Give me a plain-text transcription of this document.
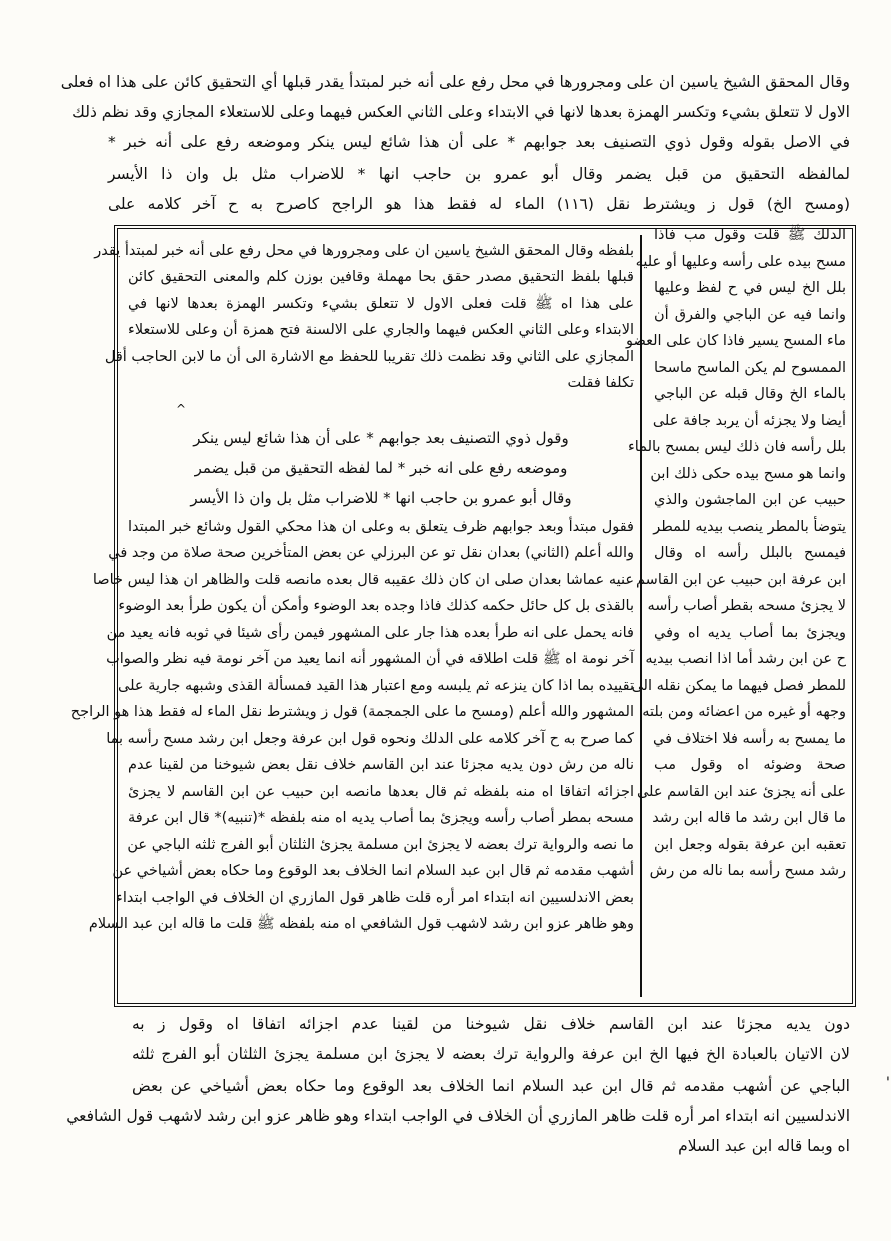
وقال المحقق الشيخ ياسين ان على ومجرورها في محل رفع على أنه خبر لمبتدأ يقدر قبلها أي التحقيق كائن على هذا اه فعلى
الاول لا تتعلق بشيء وتكسر الهمزة بعدها لانها في الابتداء وعلى الثاني العكس فيهما وعلى للاستعلاء المجازي وقد نظم ذلك
في الاصل بقوله وقول ذوي التصنيف بعد جوابهم * على أن هذا شائع ليس ينكر وموضعه رفع على أنه خبر *
لمالفظه التحقيق من قبل يضمر وقال أبو عمرو بن حاجب انها * للاضراب مثل بل وان ذا الأيسر
(ومسح الخ) قول ز ويشترط نقل (١١٦) الماء له فقط هذا هو الراجح كاصرح به ح آخر كلامه على
الدلك ﷺ قلت وقول مب فاذا
مسح بيده على رأسه وعليها أو عليه
بلل الخ ليس في ح لفظ وعليها
وانما فيه عن الباجي والفرق أن
ماء المسح يسير فاذا كان على العضو
الممسوح لم يكن الماسح ماسحا
بالماء الخ وقال قبله عن الباجي
أيضا ولا يجزئه أن يربد جافة على
بلل رأسه فان ذلك ليس بمسح بالماء
وانما هو مسح بيده حكى ذلك ابن
حبيب عن ابن الماجشون والذي
يتوضأ بالمطر ينصب بيديه للمطر
فيمسح بالبلل رأسه اه وقال
ابن عرفة ابن حبيب عن ابن القاسم
لا يجزئ مسحه بقطر أصاب رأسه
ويجزئ بما أصاب يديه اه وفي
ح عن ابن رشد أما اذا انصب بيديه
للمطر فصل فيهما ما يمكن نقله الى
وجهه أو غيره من اعضائه ومن بلته
ما يمسح به رأسه فلا اختلاف في
صحة وضوئه اه وقول مب
على أنه يجزئ عند ابن القاسم على
ما قال ابن رشد ما قاله ابن رشد
تعقبه ابن عرفة بقوله وجعل ابن
رشد مسح رأسه بما ناله من رش
بلفظه وقال المحقق الشيخ ياسين ان على ومجرورها في محل رفع على أنه خبر لمبتدأ يقدر
قبلها بلفظ التحقيق مصدر حقق بحا مهملة وقافين بوزن كلم والمعنى التحقيق كائن
على هذا اه ﷺ قلت فعلى الاول لا تتعلق بشيء وتكسر الهمزة بعدها لانها في
الابتداء وعلى الثاني العكس فيهما والجاري على الالسنة فتح همزة أن وعلى للاستعلاء
المجازي على الثاني وقد نظمت ذلك تقريبا للحفظ مع الاشارة الى أن ما لابن الحاجب أقل
تكلفا فقلت
وقول ذوي التصنيف بعد جوابهم * على أن هذا شائع ليس ينكر
وموضعه رفع على انه خبر * لما لفظه التحقيق من قبل يضمر
وقال أبو عمرو بن حاجب انها * للاضراب مثل بل وان ذا الأيسر
فقول مبتدأ وبعد جوابهم ظرف يتعلق به وعلى ان هذا محكي القول وشائع خبر المبتدا
والله أعلم (الثاني) بعدان نقل تو عن البرزلي عن بعض المتأخرين صحة صلاة من وجد في
عنيه عماشا بعدان صلى ان كان ذلك عقيبه قال بعده مانصه قلت والظاهر ان هذا ليس خاصا
بالقذى بل كل حائل حكمه كذلك فاذا وجده بعد الوضوء وأمكن أن يكون طرأ بعد الوضوء
فانه يحمل على انه طرأ بعده هذا جار على المشهور فيمن رأى شيئا في ثوبه فانه يعيد من
آخر نومة اه ﷺ قلت اطلاقه في أن المشهور أنه انما يعيد من آخر نومة فيه نظر والصواب
تقييده بما اذا كان ينزعه ثم يلبسه ومع اعتبار هذا القيد فمسألة القذى وشبهه جارية على
المشهور والله أعلم (ومسح ما على الجمجمة) قول ز ويشترط نقل الماء له فقط هذا هو الراجح
كما صرح به ح آخر كلامه على الدلك ونحوه قول ابن عرفة وجعل ابن رشد مسح رأسه بما
ناله من رش دون يديه مجزئا عند ابن القاسم خلاف نقل بعض شيوخنا من لقينا عدم
اجزائه اتفاقا اه منه بلفظه ثم قال بعدها مانصه ابن حبيب عن ابن القاسم لا يجزئ
مسحه بمطر أصاب رأسه ويجزئ بما أصاب يديه اه منه بلفظه *(تنبيه)* قال ابن عرفة
ما نصه والرواية ترك بعضه لا يجزئ ابن مسلمة يجزئ الثلثان أبو الفرج ثلثه الباجي عن
أشهب مقدمه ثم قال ابن عبد السلام انما الخلاف بعد الوقوع وما حكاه بعض أشياخي عن
بعض الاندلسيين انه ابتداء امر أره قلت ظاهر قول المازري ان الخلاف في الواجب ابتداء
وهو ظاهر عزو ابن رشد لاشهب قول الشافعي اه منه بلفظه ﷺ قلت ما قاله ابن عبد السلام
^
دون يديه مجزئا عند ابن القاسم خلاف نقل شيوخنا من لقينا عدم اجزائه اتفاقا اه وقول ز به
لان الاتيان بالعبادة الخ فيها الخ ابن عرفة والرواية ترك بعضه لا يجزئ ابن مسلمة يجزئ الثلثان أبو الفرج ثلثه
الباجي عن أشهب مقدمه ثم قال ابن عبد السلام انما الخلاف بعد الوقوع وما حكاه بعض أشياخي عن بعض
الاندلسيين انه ابتداء امر أره قلت ظاهر المازري أن الخلاف في الواجب ابتداء وهو ظاهر عزو ابن رشد لاشهب قول الشافعي
اه وبما قاله ابن عبد السلام
'
